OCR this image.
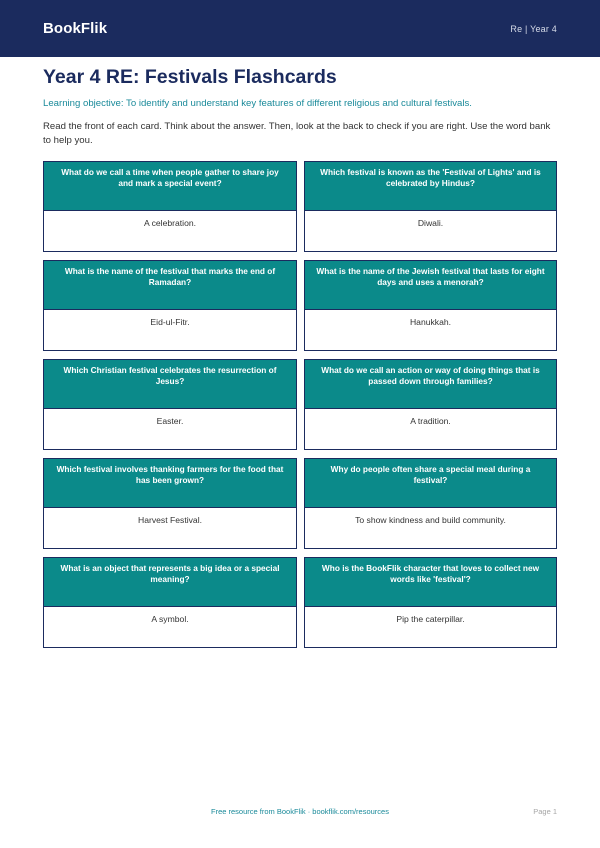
BookFlik	Re | Year 4
Year 4 RE: Festivals Flashcards
Learning objective: To identify and understand key features of different religious and cultural festivals.
Read the front of each card. Think about the answer. Then, look at the back to check if you are right. Use the word bank to help you.
What do we call a time when people gather to share joy and mark a special event?
A celebration.
Which festival is known as the 'Festival of Lights' and is celebrated by Hindus?
Diwali.
What is the name of the festival that marks the end of Ramadan?
Eid-ul-Fitr.
What is the name of the Jewish festival that lasts for eight days and uses a menorah?
Hanukkah.
Which Christian festival celebrates the resurrection of Jesus?
Easter.
What do we call an action or way of doing things that is passed down through families?
A tradition.
Which festival involves thanking farmers for the food that has been grown?
Harvest Festival.
Why do people often share a special meal during a festival?
To show kindness and build community.
What is an object that represents a big idea or a special meaning?
A symbol.
Who is the BookFlik character that loves to collect new words like 'festival'?
Pip the caterpillar.
Free resource from BookFlik · bookflik.com/resources	Page 1
